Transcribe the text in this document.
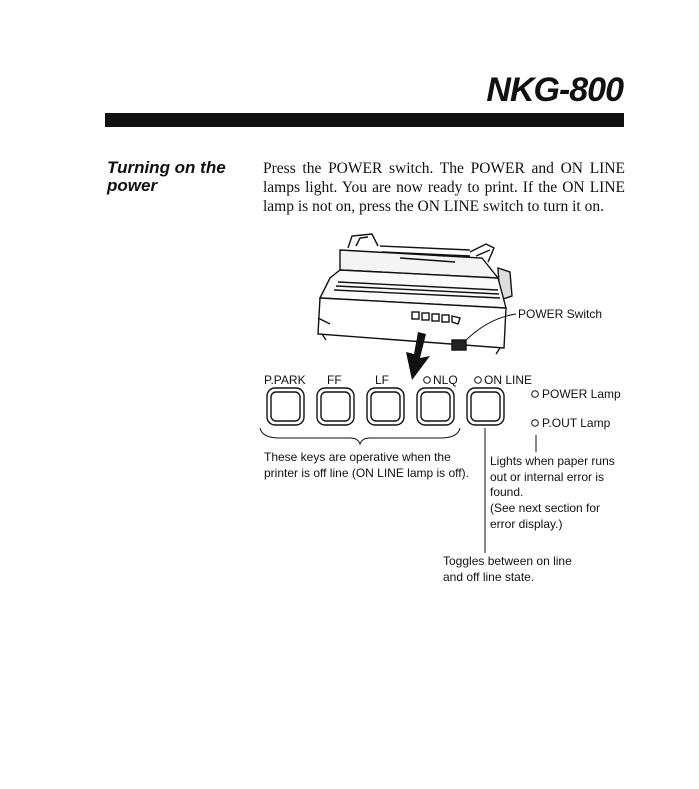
NKG-800
Turning on the power
Press the POWER switch. The POWER and ON LINE lamps light. You are now ready to print. If the ON LINE lamp is not on, press the ON LINE switch to turn it on.
POWER Switch
P.PARK FF	LF	NLQ ON LINE
POWER Lamp
P.OUT Lamp
These keys are operative when the
printer is off line (ON LINE lamp is off).
Lights when paper runs
out or internal error is
found.
(See next section for
error display.)
Toggles between on line
and off line state.
